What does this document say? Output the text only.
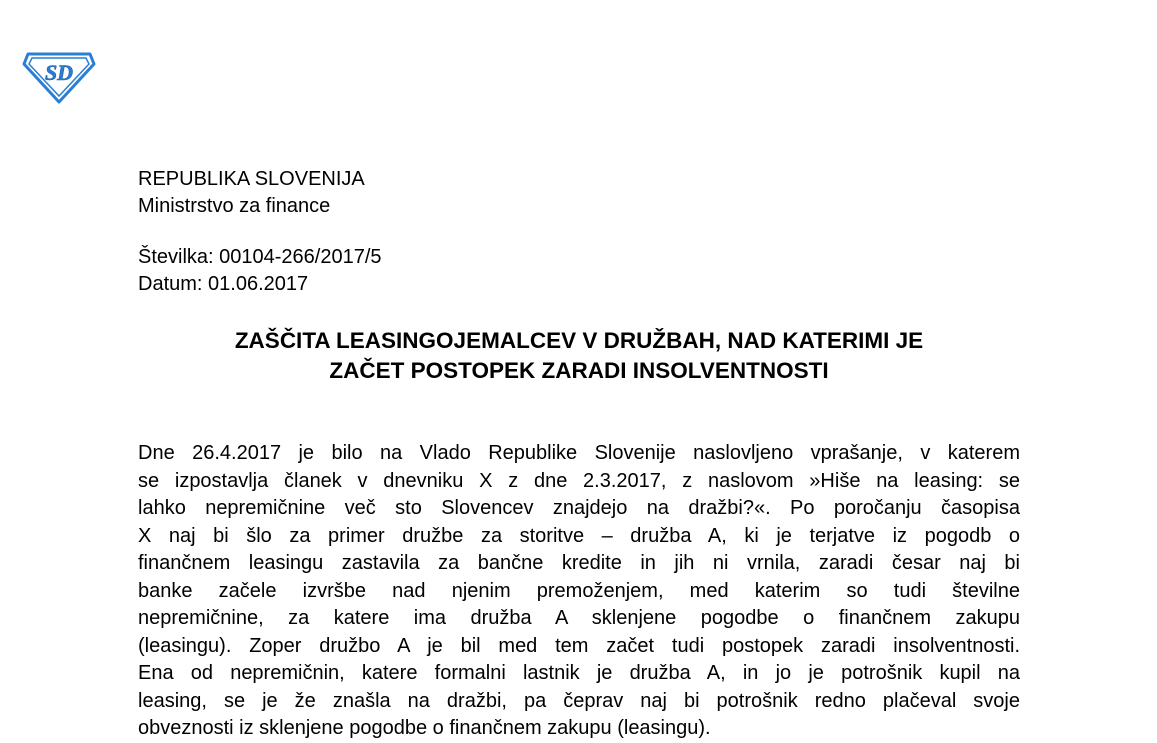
SD
REPUBLIKA SLOVENIJA
Ministrstvo za finance
Številka: 00104-266/2017/5
Datum: 01.06.2017
ZAŠČITA LEASINGOJEMALCEV V DRUŽBAH, NAD KATERIMI JE
ZAČET POSTOPEK ZARADI INSOLVENTNOSTI
Dne 26.4.2017 je bilo na Vlado Republike Slovenije naslovljeno vprašanje, v katerem
se izpostavlja članek v dnevniku X z dne 2.3.2017, z naslovom »Hiše na leasing: se
lahko nepremičnine več sto Slovencev znajdejo na dražbi?«. Po poročanju časopisa
X naj bi šlo za primer družbe za storitve – družba A, ki je terjatve iz pogodb o
finančnem leasingu zastavila za bančne kredite in jih ni vrnila, zaradi česar naj bi
banke začele izvršbe nad njenim premoženjem, med katerim so tudi številne
nepremičnine, za katere ima družba A sklenjene pogodbe o finančnem zakupu
(leasingu). Zoper družbo A je bil med tem začet tudi postopek zaradi insolventnosti.
Ena od nepremičnin, katere formalni lastnik je družba A, in jo je potrošnik kupil na
leasing, se je že znašla na dražbi, pa čeprav naj bi potrošnik redno plačeval svoje
obveznosti iz sklenjene pogodbe o finančnem zakupu (leasingu).
